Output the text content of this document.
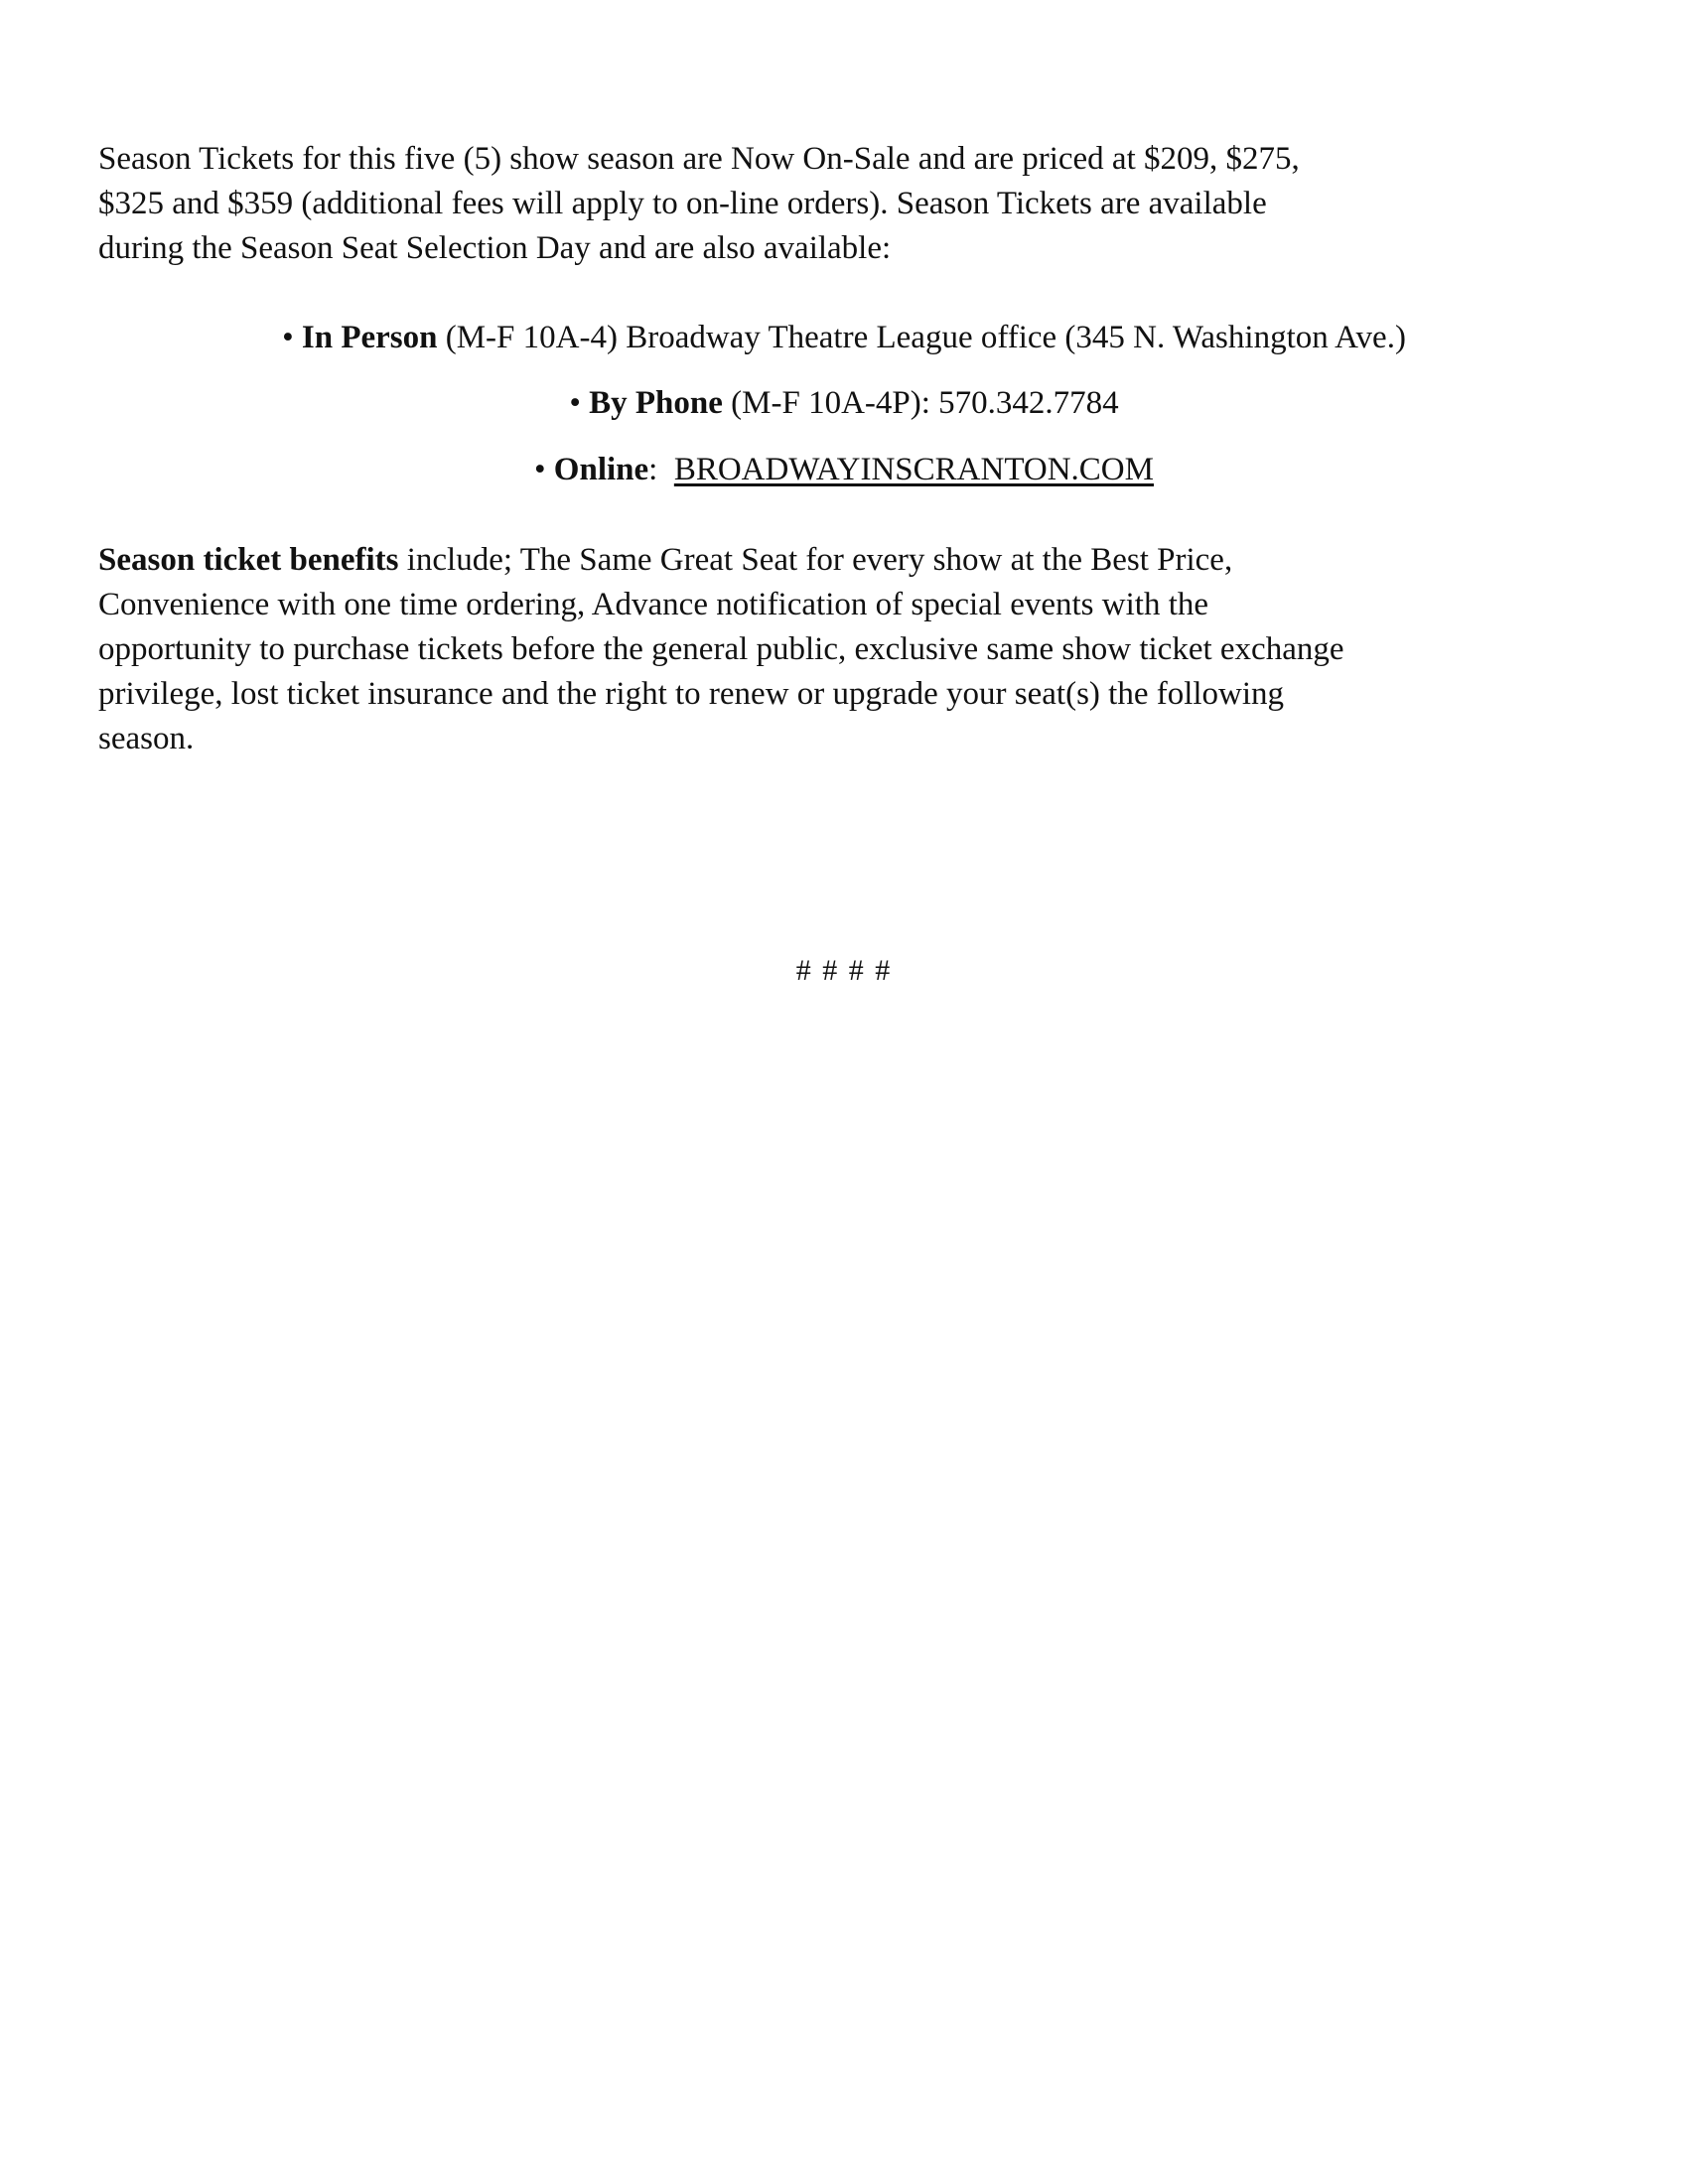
Season Tickets for this five (5) show season are Now On-Sale and are priced at $209, $275,
$325 and $359 (additional fees will apply to on-line orders). Season Tickets are available
during the Season Seat Selection Day and are also available:
• In Person (M-F 10A-4) Broadway Theatre League office (345 N. Washington Ave.)
• By Phone (M-F 10A-4P): 570.342.7784
• Online:  BROADWAYINSCRANTON.COM
Season ticket benefits include; The Same Great Seat for every show at the Best Price,
Convenience with one time ordering, Advance notification of special events with the
opportunity to purchase tickets before the general public, exclusive same show ticket exchange
privilege, lost ticket insurance and the right to renew or upgrade your seat(s) the following
season.
# # # #
